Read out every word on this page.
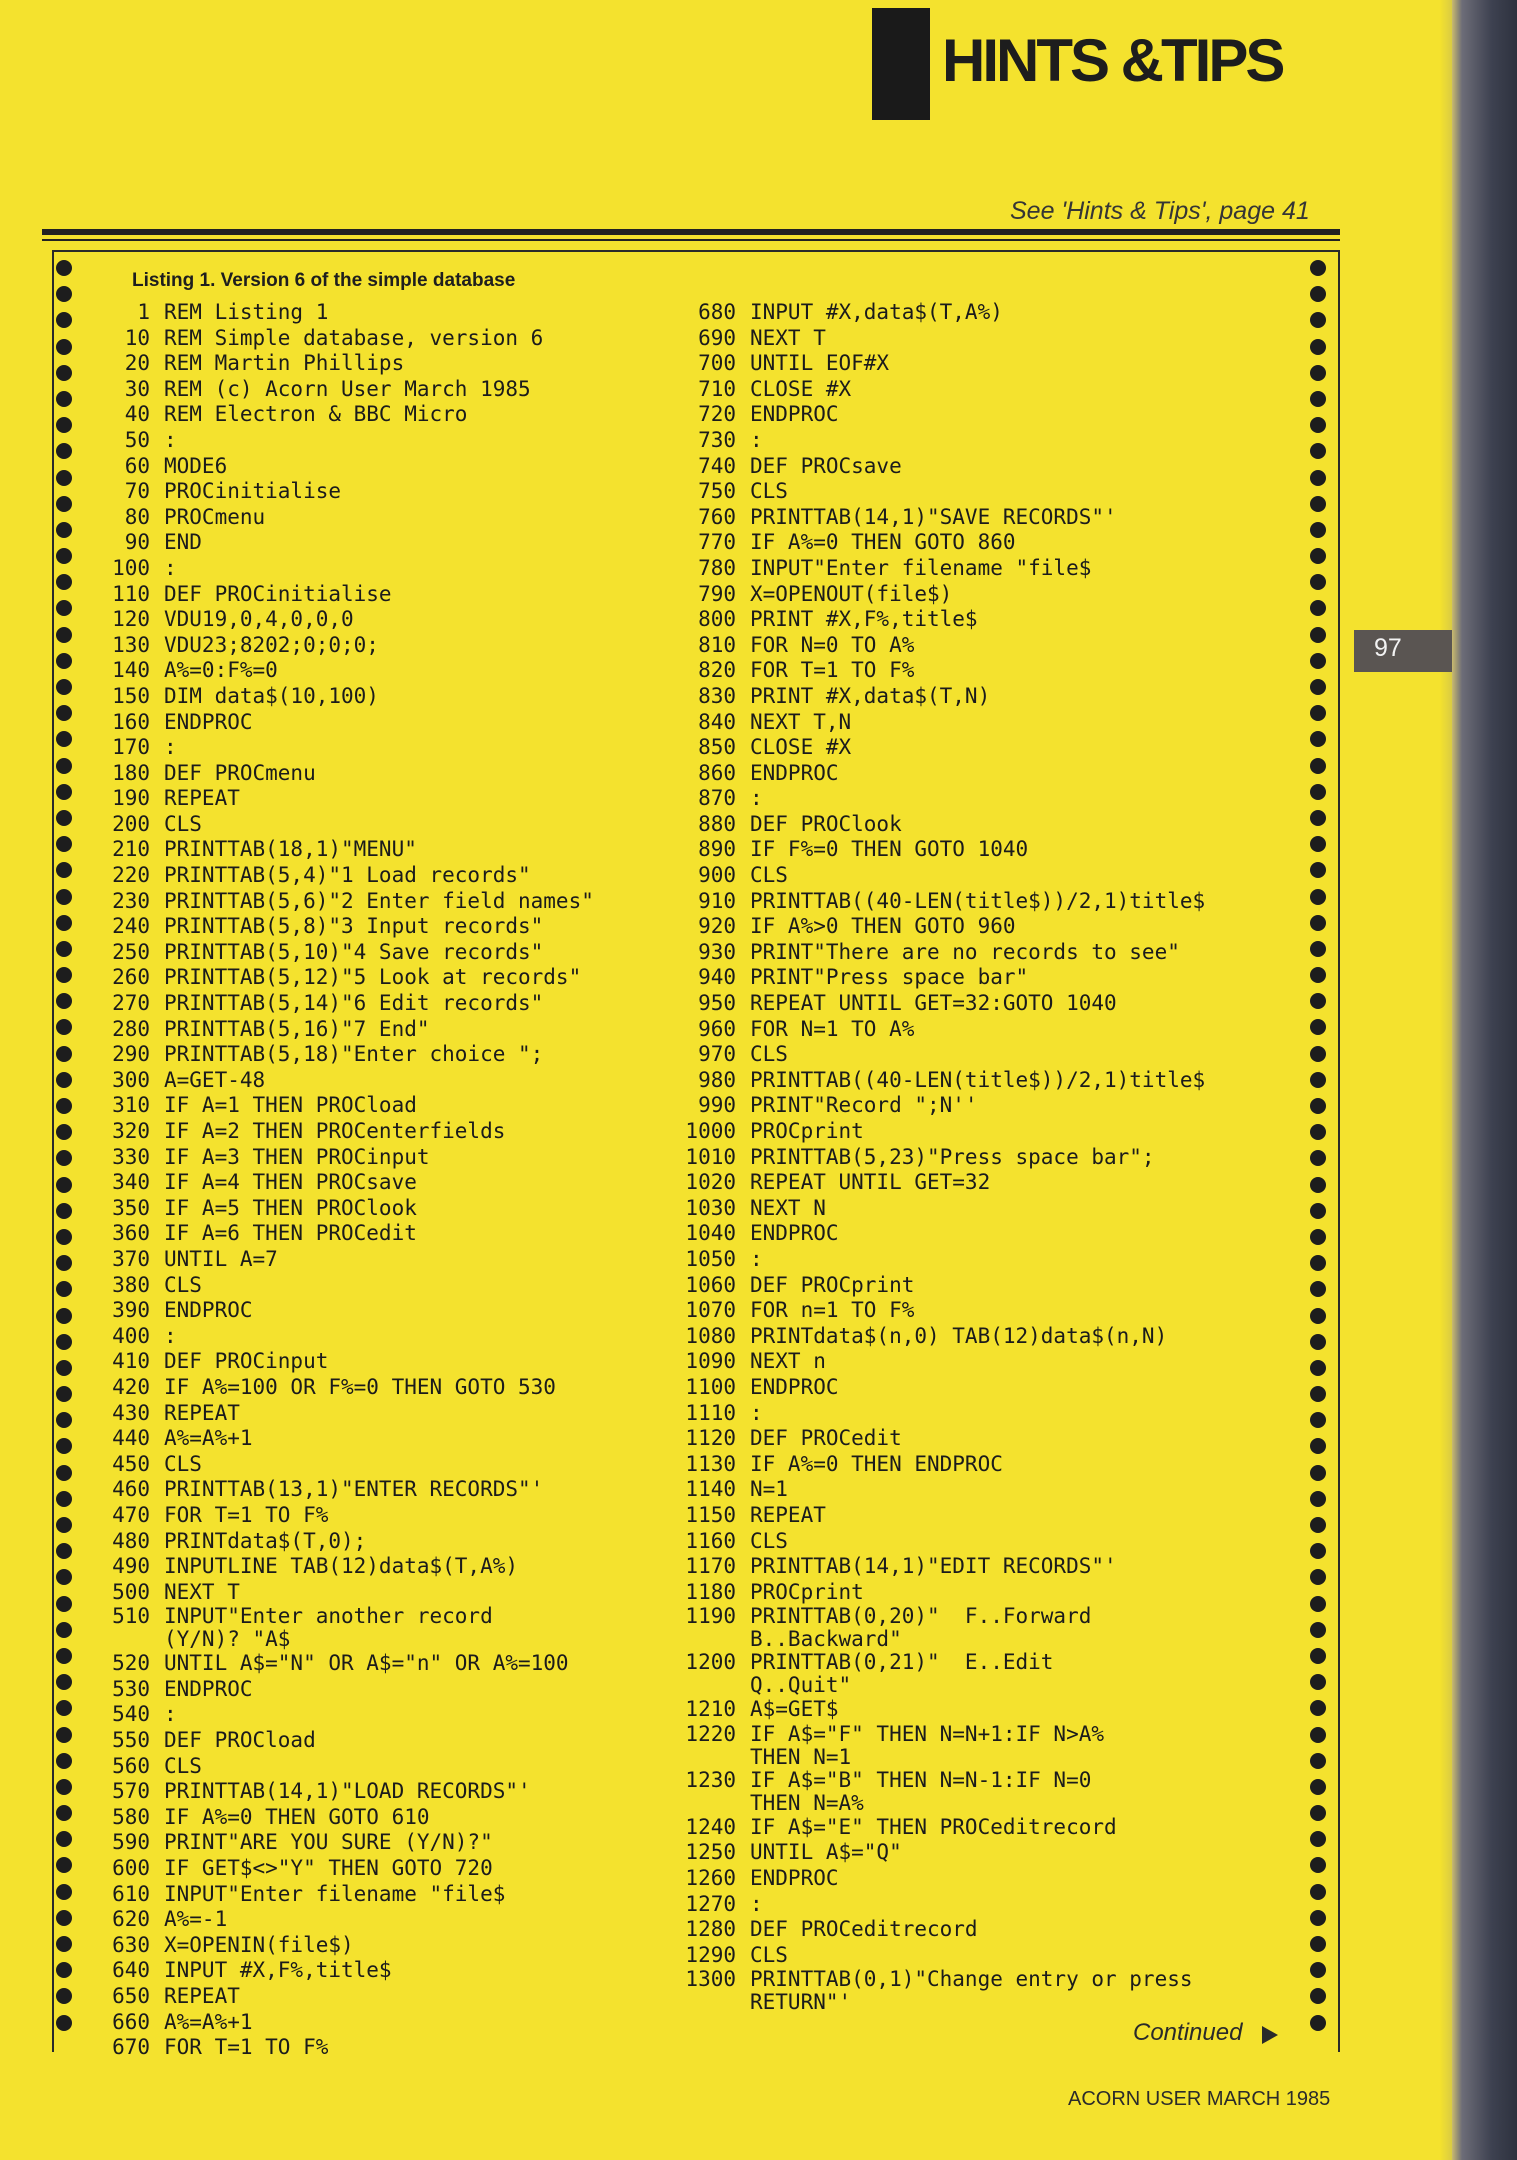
HINTS &TIPS
See 'Hints & Tips', page 41
Listing 1. Version 6 of the simple database
1 REM Listing 1
10 REM Simple database, version 6
20 REM Martin Phillips
30 REM (c) Acorn User March 1985
40 REM Electron & BBC Micro
50 :
60 MODE6
70 PROCinitialise
80 PROCmenu
90 END
100 :
110 DEF PROCinitialise
120 VDU19,0,4,0,0,0
130 VDU23;8202;0;0;0;
140 A%=0:F%=0
150 DIM data$(10,100)
160 ENDPROC
170 :
180 DEF PROCmenu
190 REPEAT
200 CLS
210 PRINTTAB(18,1)"MENU"
220 PRINTTAB(5,4)"1 Load records"
230 PRINTTAB(5,6)"2 Enter field names"
240 PRINTTAB(5,8)"3 Input records"
250 PRINTTAB(5,10)"4 Save records"
260 PRINTTAB(5,12)"5 Look at records"
270 PRINTTAB(5,14)"6 Edit records"
280 PRINTTAB(5,16)"7 End"
290 PRINTTAB(5,18)"Enter choice ";
300 A=GET-48
310 IF A=1 THEN PROCload
320 IF A=2 THEN PROCenterfields
330 IF A=3 THEN PROCinput
340 IF A=4 THEN PROCsave
350 IF A=5 THEN PROClook
360 IF A=6 THEN PROCedit
370 UNTIL A=7
380 CLS
390 ENDPROC
400 :
410 DEF PROCinput
420 IF A%=100 OR F%=0 THEN GOTO 530
430 REPEAT
440 A%=A%+1
450 CLS
460 PRINTTAB(13,1)"ENTER RECORDS"'
470 FOR T=1 TO F%
480 PRINTdata$(T,0);
490 INPUTLINE TAB(12)data$(T,A%)
500 NEXT T
510 INPUT"Enter another record
(Y/N)? "A$
520 UNTIL A$="N" OR A$="n" OR A%=100
530 ENDPROC
540 :
550 DEF PROCload
560 CLS
570 PRINTTAB(14,1)"LOAD RECORDS"'
580 IF A%=0 THEN GOTO 610
590 PRINT"ARE YOU SURE (Y/N)?"
600 IF GET$<>"Y" THEN GOTO 720
610 INPUT"Enter filename "file$
620 A%=-1
630 X=OPENIN(file$)
640 INPUT #X,F%,title$
650 REPEAT
660 A%=A%+1
670 FOR T=1 TO F%
680 INPUT #X,data$(T,A%)
690 NEXT T
700 UNTIL EOF#X
710 CLOSE #X
720 ENDPROC
730 :
740 DEF PROCsave
750 CLS
760 PRINTTAB(14,1)"SAVE RECORDS"'
770 IF A%=0 THEN GOTO 860
780 INPUT"Enter filename "file$
790 X=OPENOUT(file$)
800 PRINT #X,F%,title$
810 FOR N=0 TO A%
820 FOR T=1 TO F%
830 PRINT #X,data$(T,N)
840 NEXT T,N
850 CLOSE #X
860 ENDPROC
870 :
880 DEF PROClook
890 IF F%=0 THEN GOTO 1040
900 CLS
910 PRINTTAB((40-LEN(title$))/2,1)title$
920 IF A%>0 THEN GOTO 960
930 PRINT"There are no records to see"
940 PRINT"Press space bar"
950 REPEAT UNTIL GET=32:GOTO 1040
960 FOR N=1 TO A%
970 CLS
980 PRINTTAB((40-LEN(title$))/2,1)title$
990 PRINT"Record ";N''
1000 PROCprint
1010 PRINTTAB(5,23)"Press space bar";
1020 REPEAT UNTIL GET=32
1030 NEXT N
1040 ENDPROC
1050 :
1060 DEF PROCprint
1070 FOR n=1 TO F%
1080 PRINTdata$(n,0) TAB(12)data$(n,N)
1090 NEXT n
1100 ENDPROC
1110 :
1120 DEF PROCedit
1130 IF A%=0 THEN ENDPROC
1140 N=1
1150 REPEAT
1160 CLS
1170 PRINTTAB(14,1)"EDIT RECORDS"'
1180 PROCprint
1190 PRINTTAB(0,20)"  F..Forward
B..Backward"
1200 PRINTTAB(0,21)"  E..Edit
Q..Quit"
1210 A$=GET$
1220 IF A$="F" THEN N=N+1:IF N>A%
THEN N=1
1230 IF A$="B" THEN N=N-1:IF N=0
THEN N=A%
1240 IF A$="E" THEN PROCeditrecord
1250 UNTIL A$="Q"
1260 ENDPROC
1270 :
1280 DEF PROCeditrecord
1290 CLS
1300 PRINTTAB(0,1)"Change entry or press
RETURN"'
Continued
97
ACORN USER MARCH 1985
